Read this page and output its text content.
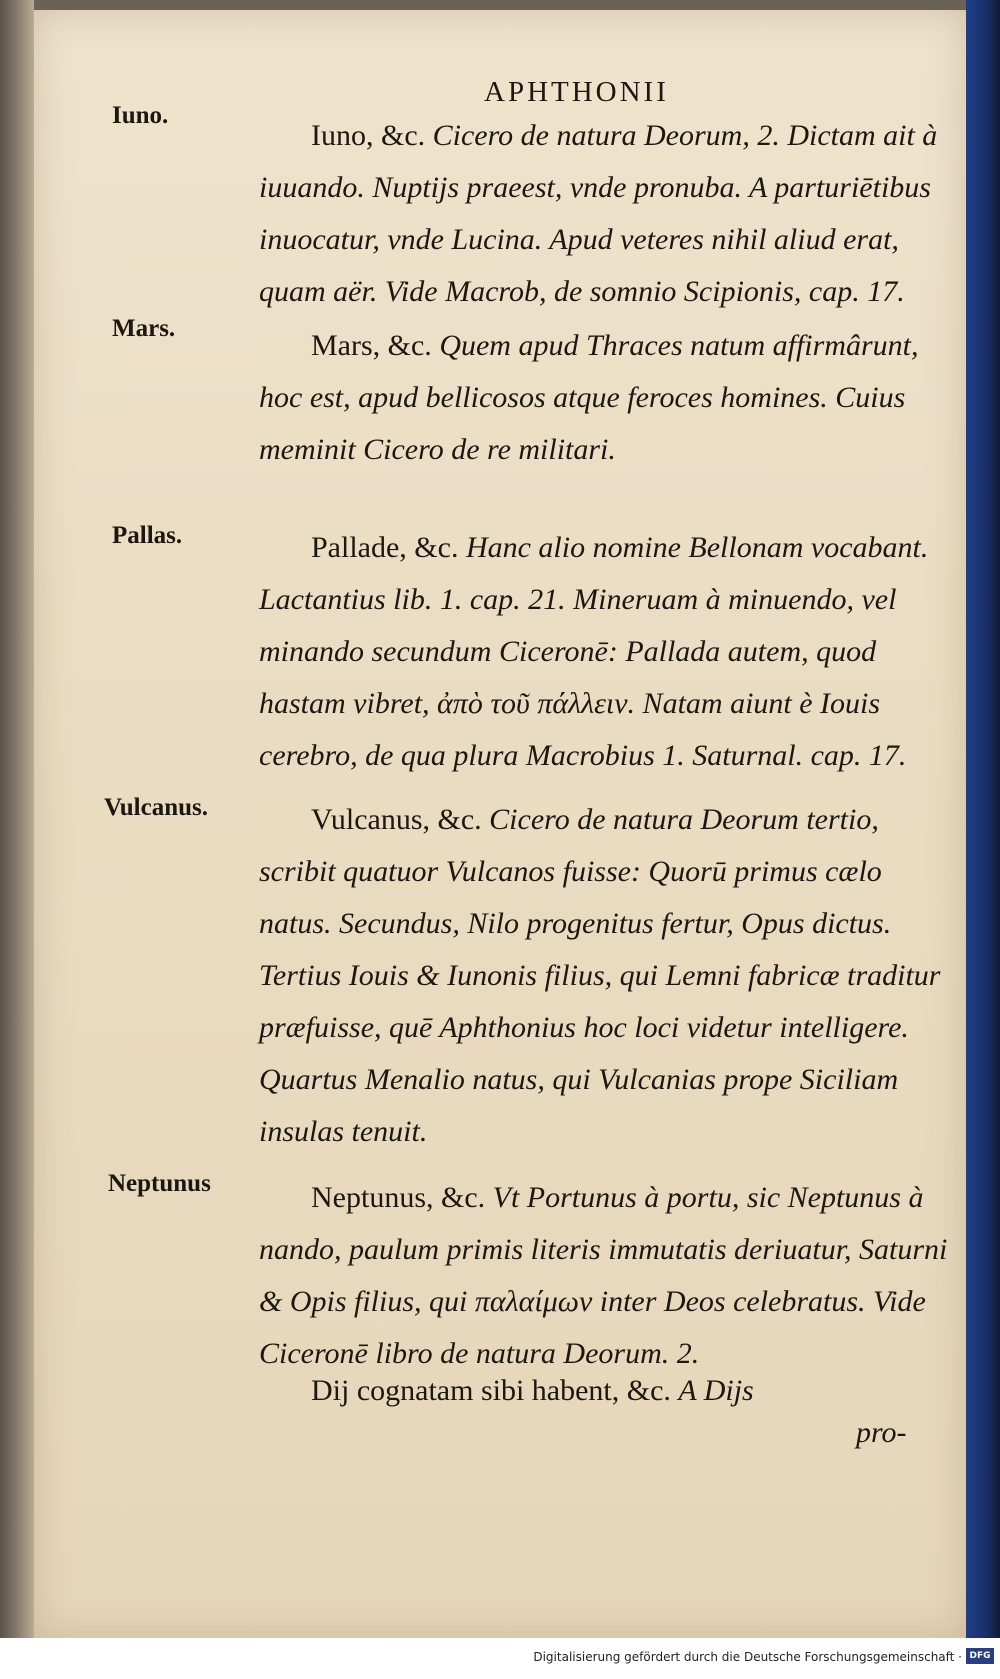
APHTHONII
Iuno.
Iuno, &c. Cicero de natura Deorum, 2. Dictam ait à iuuando. Nuptijs praeest, vnde pronuba. A parturiētibus inuocatur, vnde Lucina. Apud veteres nihil aliud erat, quam aër. Vide Macrob, de somnio Scipionis, cap. 17.
Mars.
Mars, &c. Quem apud Thraces natum affirmârunt, hoc est, apud bellicosos atque feroces homines. Cuius meminit Cicero de re militari.
Pallas.	Pallade, &c. Hanc alio nomine Bellonam vocabant. Lactantius lib. 1. cap. 21. Mineruam à minuendo, vel minando secundum Ciceronē: Pallada autem, quod hastam vibret, ἀπὸ τοῦ πάλλειν. Natam aiunt è Iouis cerebro, de qua plura Macrobius 1. Saturnal. cap. 17.
Vulcanus.	Vulcanus, &c. Cicero de natura Deorum tertio, scribit quatuor Vulcanos fuisse: Quorū primus cælo natus. Secundus, Nilo progenitus fertur, Opus dictus. Tertius Iouis & Iunonis filius, qui Lemni fabricæ traditur præfuisse, quē Aphthonius hoc loci videtur intelligere. Quartus Menalio natus, qui Vulcanias prope Siciliam insulas tenuit.
Neptunus	Neptunus, &c. Vt Portunus à portu, sic Neptunus à nando, paulum primis literis immutatis deriuatur, Saturni & Opis filius, qui παλαίμων inter Deos celebratus. Vide Ciceronē libro de natura Deorum. 2.
Dij cognatam sibi habent, &c. A Dijs
pro-
Digitalisierung gefördert durch die Deutsche Forschungsgemeinschaft · DFG
